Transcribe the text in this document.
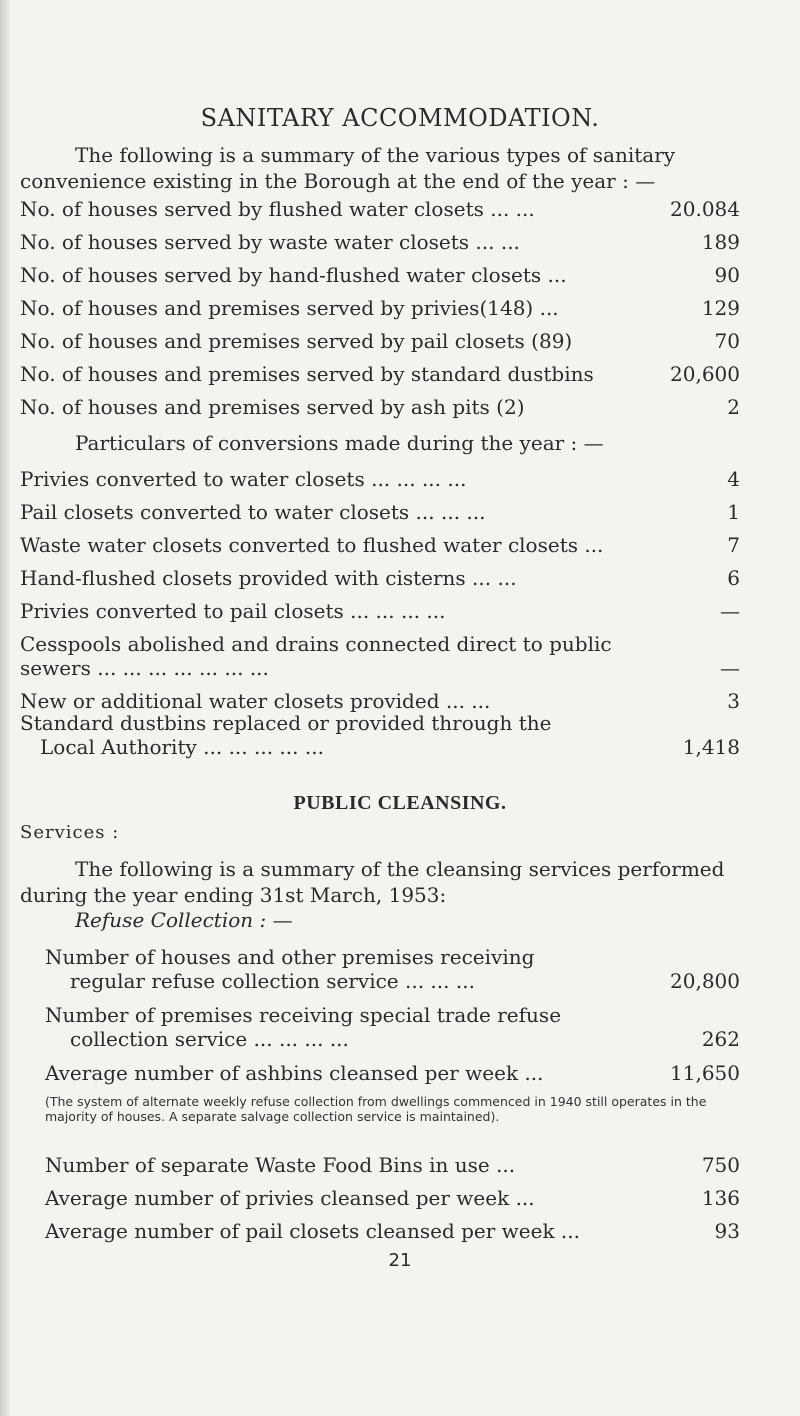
SANITARY ACCOMMODATION.

The following is a summary of the various types of sanitary convenience existing in the Borough at the end of the year : —

No. of houses served by flushed water closets ... ...	20.084
No. of houses served by waste water closets ... ...	189
No. of houses served by hand-flushed water closets ...	90
No. of houses and premises served by privies(148) ...	129
No. of houses and premises served by pail closets (89)	70
No. of houses and premises served by standard dustbins	20,600
No. of houses and premises served by ash pits (2)	2
Particulars of conversions made during the year : —
Privies converted to water closets ... ... ... ...	4
Pail closets converted to water closets ... ... ...	1
Waste water closets converted to flushed water closets ...	7
Hand-flushed closets provided with cisterns ... ...	6
Privies converted to pail closets ... ... ... ...	—
Cesspools abolished and drains connected direct to public
sewers ... ... ... ... ... ... ...	—
New or additional water closets provided ... ...	3
Standard dustbins replaced or provided through the
Local Authority ... ... ... ... ...	1,418
PUBLIC CLEANSING.
Services :

The following is a summary of the cleansing services performed during the year ending 31st March, 1953:

Refuse Collection : —
Number of houses and other premises receiving
regular refuse collection service ... ... ...	20,800
Number of premises receiving special trade refuse
collection service ... ... ... ...	262
Average number of ashbins cleansed per week ...	11,650
(The system of alternate weekly refuse collection from dwellings commenced in 1940 still operates in the majority of houses. A separate salvage collection service is maintained).
Number of separate Waste Food Bins in use ...	750
Average number of privies cleansed per week ...	136
Average number of pail closets cleansed per week ...	93
21
